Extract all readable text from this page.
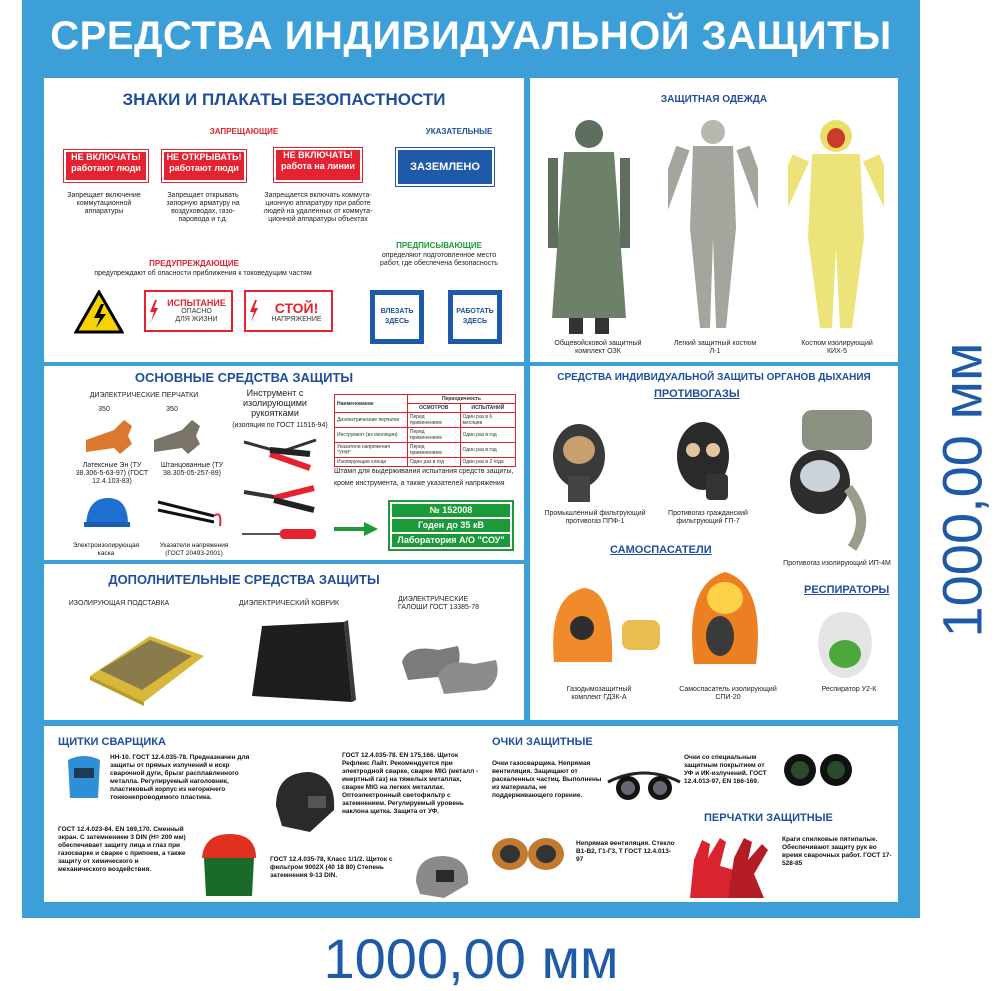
СРЕДСТВА ИНДИВИДУАЛЬНОЙ ЗАЩИТЫ
ЗНАКИ И ПЛАКАТЫ БЕЗОПАСТНОСТИ
ЗАПРЕЩАЮЩИЕ	УКАЗАТЕЛЬНЫЕ
НЕ ВКЛЮЧАТЬ!
работают люди
НЕ ОТКРЫВАТЬ!
работают люди
НЕ ВКЛЮЧАТЬ!
работа на линии	ЗАЗЕМЛЕНО
Запрещает включение коммутационной аппаратуры
Запрещает открывать запорную арматуру на воздуховодах, газо- паровода и т.д.
Запрещается включать коммута- ционную аппаратуру при работе людей на удаленных от коммута- ционной аппаратуры объектах
ПРЕДУПРЕЖДАЮЩИЕ
предупреждают об опасности приближения к токоведущим частям
ПРЕДПИСЫВАЮЩИЕ
определяют подготовленное место работ, где обеспечена безопасность
ИСПЫТАНИЕ
ОПАСНО
ДЛЯ ЖИЗНИ
СТОЙ!
НАПРЯЖЕНИЕ
ВЛЕЗАТЬ
ЗДЕСЬ
РАБОТАТЬ
ЗДЕСЬ
ЗАЩИТНАЯ ОДЕЖДА
Общевойсковой защитный комплект ОЗК
Легкий защитный костюм Л-1
Костюм изолирующий КИХ-5
ОСНОВНЫЕ СРЕДСТВА ЗАЩИТЫ
ДИЭЛЕКТРИЧЕСКИЕ ПЕРЧАТКИ
350	350
Латексные Эн (ТУ 38.306-5-63-97) (ГОСТ 12.4.103-83)
Штанцованные (ТУ 38.305-05-257-89)
Инструмент с изолирующими рукоятками
(изоляция по ГОСТ 11516-94)
Электроизолирующая каска
Указатели напряжения (ГОСТ 20493-2001)
Наименование	Периодичность	
	ОСМОТРОВ	ИСПЫТАНИЙ
Диэлектрические перчатки	Перед применением	Один раз в 6 месяцев
Инструмент (из изоляции)	Перед применением	Один раз в год
Указатели напряжения "УНН"	Перед применением	Один раз в год
Изолирующие клещи	Один раз в год	Один раз в 2 года
Штамп для выдерживания испытания средств защиты, кроме инструмента, а также указателей напряжения
№ 152008
Годен до 35 кВ
Лаборатория А/О "СОУ"
ДОПОЛНИТЕЛЬНЫЕ СРЕДСТВА ЗАЩИТЫ
ИЗОЛИРУЮЩАЯ ПОДСТАВКА	ДИЭЛЕКТРИЧЕСКИЙ КОВРИК
ДИЭЛЕКТРИЧЕСКИЕ ГАЛОШИ ГОСТ 13385-78
СРЕДСТВА ИНДИВИДУАЛЬНОЙ ЗАЩИТЫ ОРГАНОВ ДЫХАНИЯ
ПРОТИВОГАЗЫ
Промышленный фильтрующий противогаз ППФ-1
Противогаз гражданский фильтрующий ГП-7
Противогаз изолирующий ИП-4М
САМОСПАСАТЕЛИ
Газодымозащитный комплект ГДЗК-А
Самоспасатель изолирующий СПИ-20
РЕСПИРАТОРЫ
Респиратор У2-К
ЩИТКИ СВАРЩИКА
НН-10. ГОСТ 12.4.035-78. Предназначен для защиты от прямых излучений и искр сварочной дуги, брызг расплавленного металла. Регулируемый наголовник, пластиковый корпус из негорючего тонконепроводимого пластика.
ГОСТ 12.4.023-84. EN 169,170. Сменный экран. С затемнением 3 DIN (Н= 200 мм) обеспечивает защиту лица и глаз при газосварке и сварке с припоем, а также защиту от химического и механического воздействия.
ГОСТ 12.4.035-78. EN 175,166. Щиток Рефлекс Лайт. Рекомендуется при электродной сварке, сварке MIG (металл - инертный газ) на тяжелых металлах, сварке MIG на легких металлах. Оптоэлектронный светофильтр с затемнением. Регулируемый уровень наклона щитка. Защита от УФ.
ГОСТ 12.4.035-78, Класс 1/1/2. Щиток с фильтром 9002Х (40 18 80) Степень затемнения 9-13 DIN.
ОЧКИ ЗАЩИТНЫЕ
Очки газосварщика. Непрямая вентиляция. Защищают от раскаленных частиц. Выполнены из материала, не поддерживающего горение.
Непрямая вентиляция. Стекло В1-В2, Г1-Г3, Т ГОСТ 12.4.013-97
Очки со специальным защитным покрытием от УФ и ИК-излучений. ГОСТ 12.4.013-97, EN 166-169.
ПЕРЧАТКИ ЗАЩИТНЫЕ
Краги спилковые пятипалые. Обеспечивают защиту рук во время сварочных работ. ГОСТ 17-528-85
1000,00 мм
1000,00 мм
